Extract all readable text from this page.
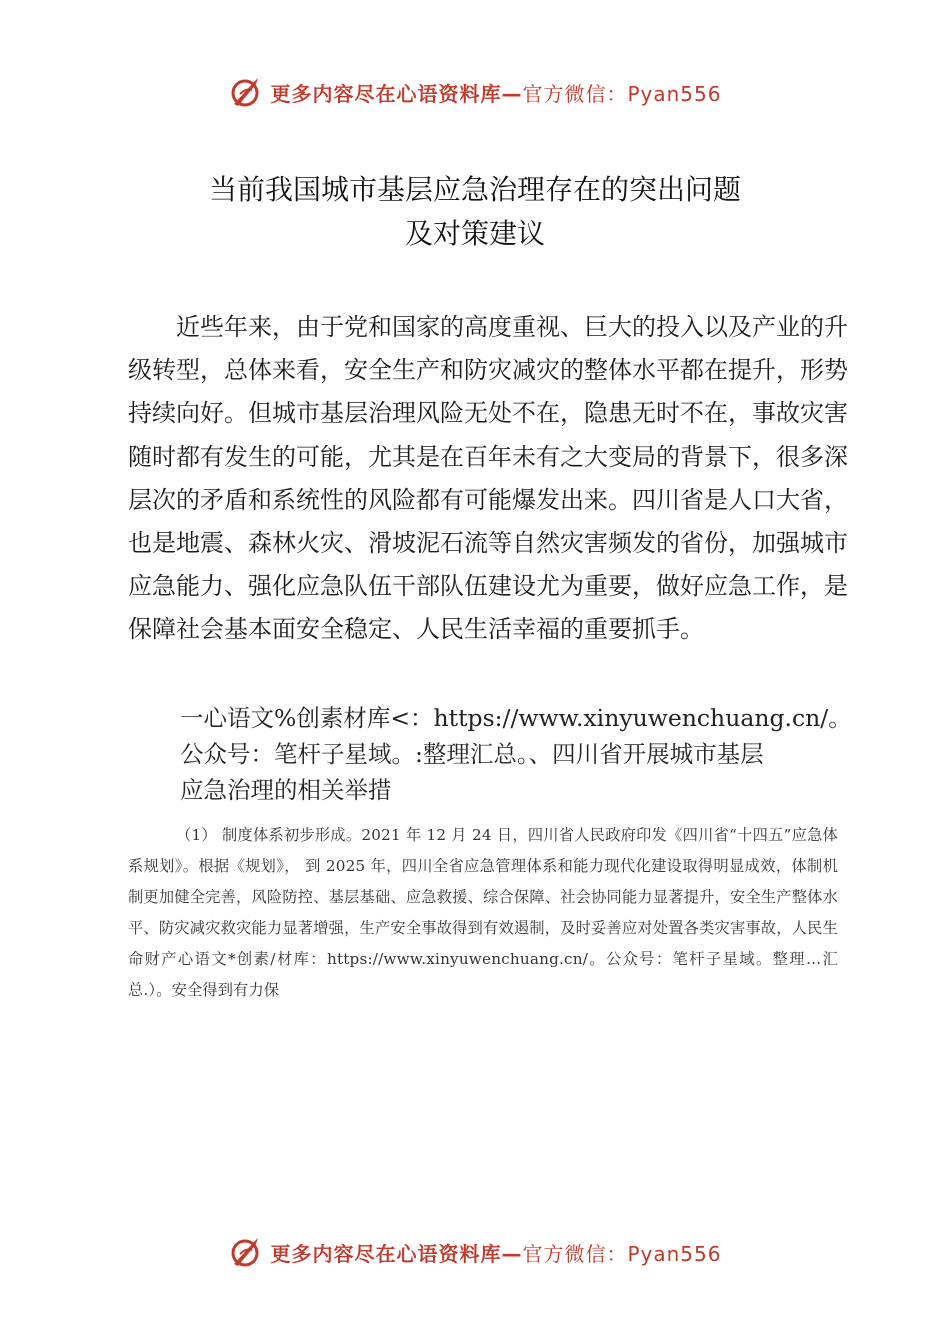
更多内容尽在心语资料库—官方微信：Pyan556
当前我国城市基层应急治理存在的突出问题
及对策建议

近些年来，由于党和国家的高度重视、巨大的投入以及产业的升级转型，总体来看，安全生产和防灾减灾的整体水平都在提升，形势持续向好。但城市基层治理风险无处不在，隐患无时不在，事故灾害随时都有发生的可能，尤其是在百年未有之大变局的背景下，很多深层次的矛盾和系统性的风险都有可能爆发出来。四川省是人口大省，也是地震、森林火灾、滑坡泥石流等自然灾害频发的省份，加强城市应急能力、强化应急队伍干部队伍建设尤为重要，做好应急工作，是保障社会基本面安全稳定、人民生活幸福的重要抓手。

一心语文%创素材库<：https://www.xinyuwenchuang.cn/。
公众号：笔杆子星域。:整理汇总。、四川省开展城市基层
应急治理的相关举措

（1） 制度体系初步形成。2021 年 12 月 24 日，四川省人民政府印发《四川省“十四五”应急体系规划》。根据《规划》， 到 2025 年，四川全省应急管理体系和能力现代化建设取得明显成效，体制机制更加健全完善，风险防控、基层基础、应急救援、综合保障、社会协同能力显著提升，安全生产整体水平、防灾减灾救灾能力显著增强，生产安全事故得到有效遏制，及时妥善应对处置各类灾害事故，人民生命财产心语文*创素/材库：https://www.xinyuwenchuang.cn/。公众号：笔杆子星域。整理…汇总.）。安全得到有力保

更多内容尽在心语资料库—官方微信：Pyan556
